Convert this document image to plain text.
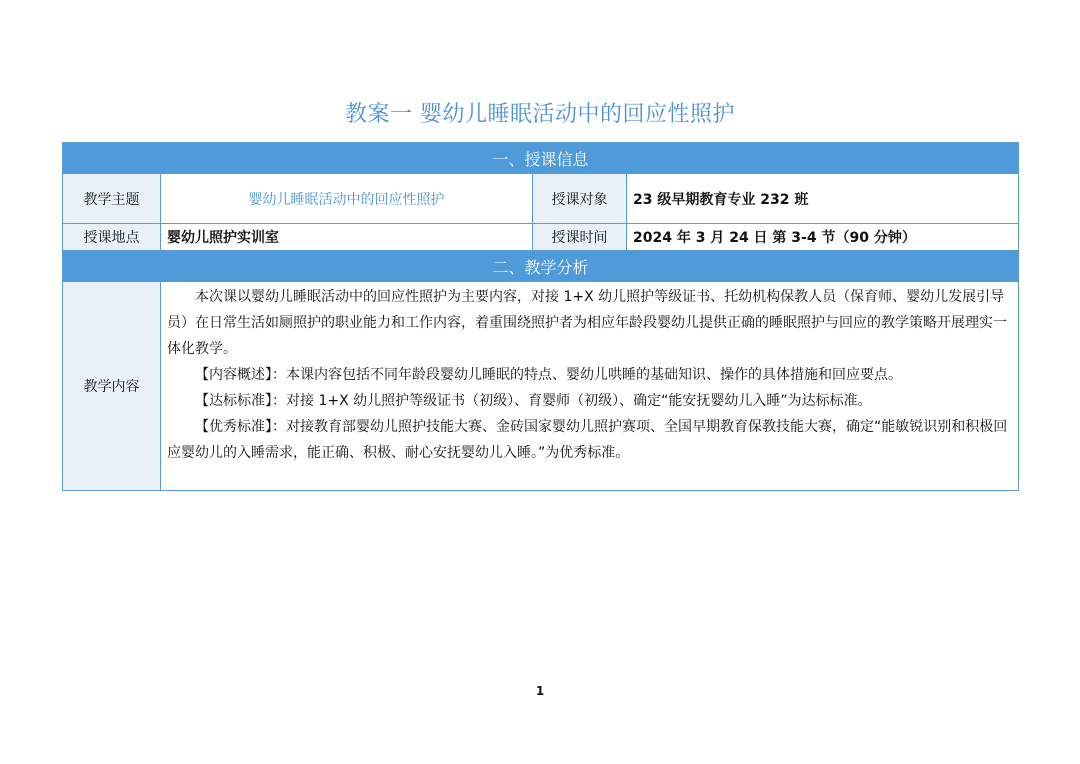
教案一 婴幼儿睡眠活动中的回应性照护
一、授课信息			
教学主题	婴幼儿睡眠活动中的回应性照护	授课对象	23 级早期教育专业 232 班
授课地点	婴幼儿照护实训室	授课时间	2024 年 3 月 24 日 第 3-4 节（90 分钟）
二、教学分析			
教学内容	本次课以婴幼儿睡眠活动中的回应性照护为主要内容，对接 1+X 幼儿照护等级证书、托幼机构保教人员（保育师、婴幼儿发展引导员）在日常生活如厕照护的职业能力和工作内容，着重围绕照护者为相应年龄段婴幼儿提供正确的睡眠照护与回应的教学策略开展理实一体化教学。

【内容概述】：本课内容包括不同年龄段婴幼儿睡眠的特点、婴幼儿哄睡的基础知识、操作的具体措施和回应要点。

【达标标准】：对接 1+X 幼儿照护等级证书（初级）、育婴师（初级）、确定“能安抚婴幼儿入睡”为达标标准。

【优秀标准】：对接教育部婴幼儿照护技能大赛、金砖国家婴幼儿照护赛项、全国早期教育保教技能大赛，确定“能敏锐识别和积极回应婴幼儿的入睡需求，能正确、积极、耐心安抚婴幼儿入睡。”为优秀标准。		

1
